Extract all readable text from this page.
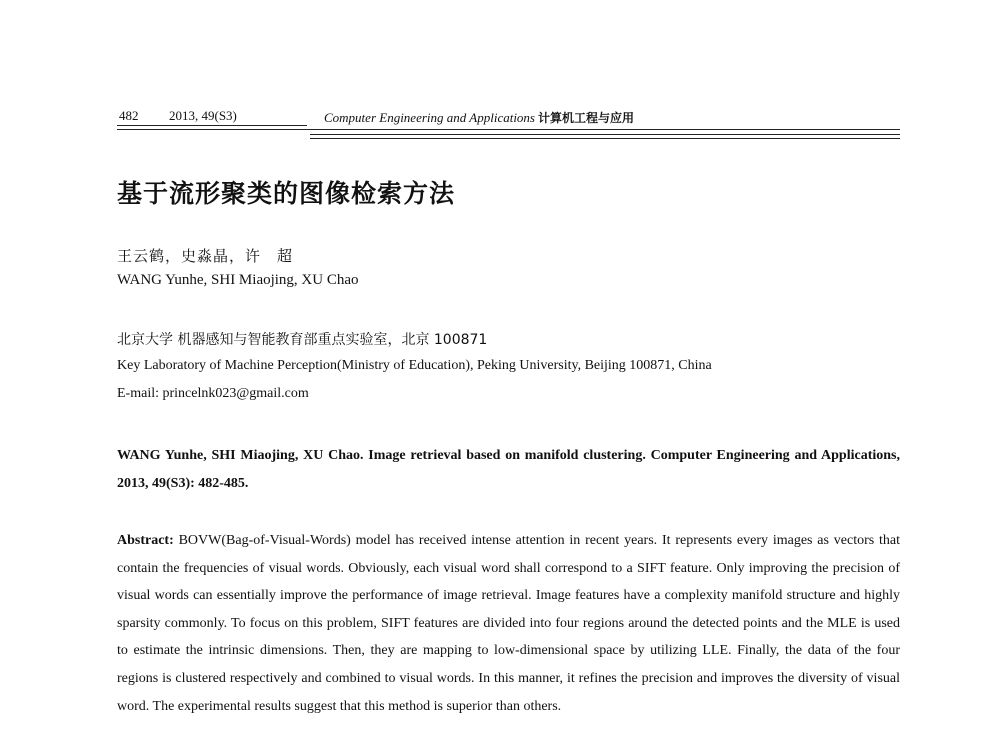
482 2013, 49(S3)	Computer Engineering and Applications 计算机工程与应用
基于流形聚类的图像检索方法
王云鹤，史淼晶，许　超
WANG Yunhe, SHI Miaojing, XU Chao
北京大学 机器感知与智能教育部重点实验室，北京 100871
Key Laboratory of Machine Perception(Ministry of Education), Peking University, Beijing 100871, China
E-mail: princelnk023@gmail.com
WANG Yunhe, SHI Miaojing, XU Chao. Image retrieval based on manifold clustering. Computer Engineering and Applications, 2013, 49(S3): 482-485.
Abstract: BOVW(Bag-of-Visual-Words) model has received intense attention in recent years. It represents every images as vectors that contain the frequencies of visual words. Obviously, each visual word shall correspond to a SIFT feature. Only improving the precision of visual words can essentially improve the performance of image retrieval. Image features have a complexity manifold structure and highly sparsity commonly. To focus on this problem, SIFT features are divided into four regions around the detected points and the MLE is used to estimate the intrinsic dimensions. Then, they are mapping to low-dimensional space by utilizing LLE. Finally, the data of the four regions is clustered respectively and combined to visual words. In this manner, it refines the precision and improves the diversity of visual word. The experimental results suggest that this method is superior than others.
